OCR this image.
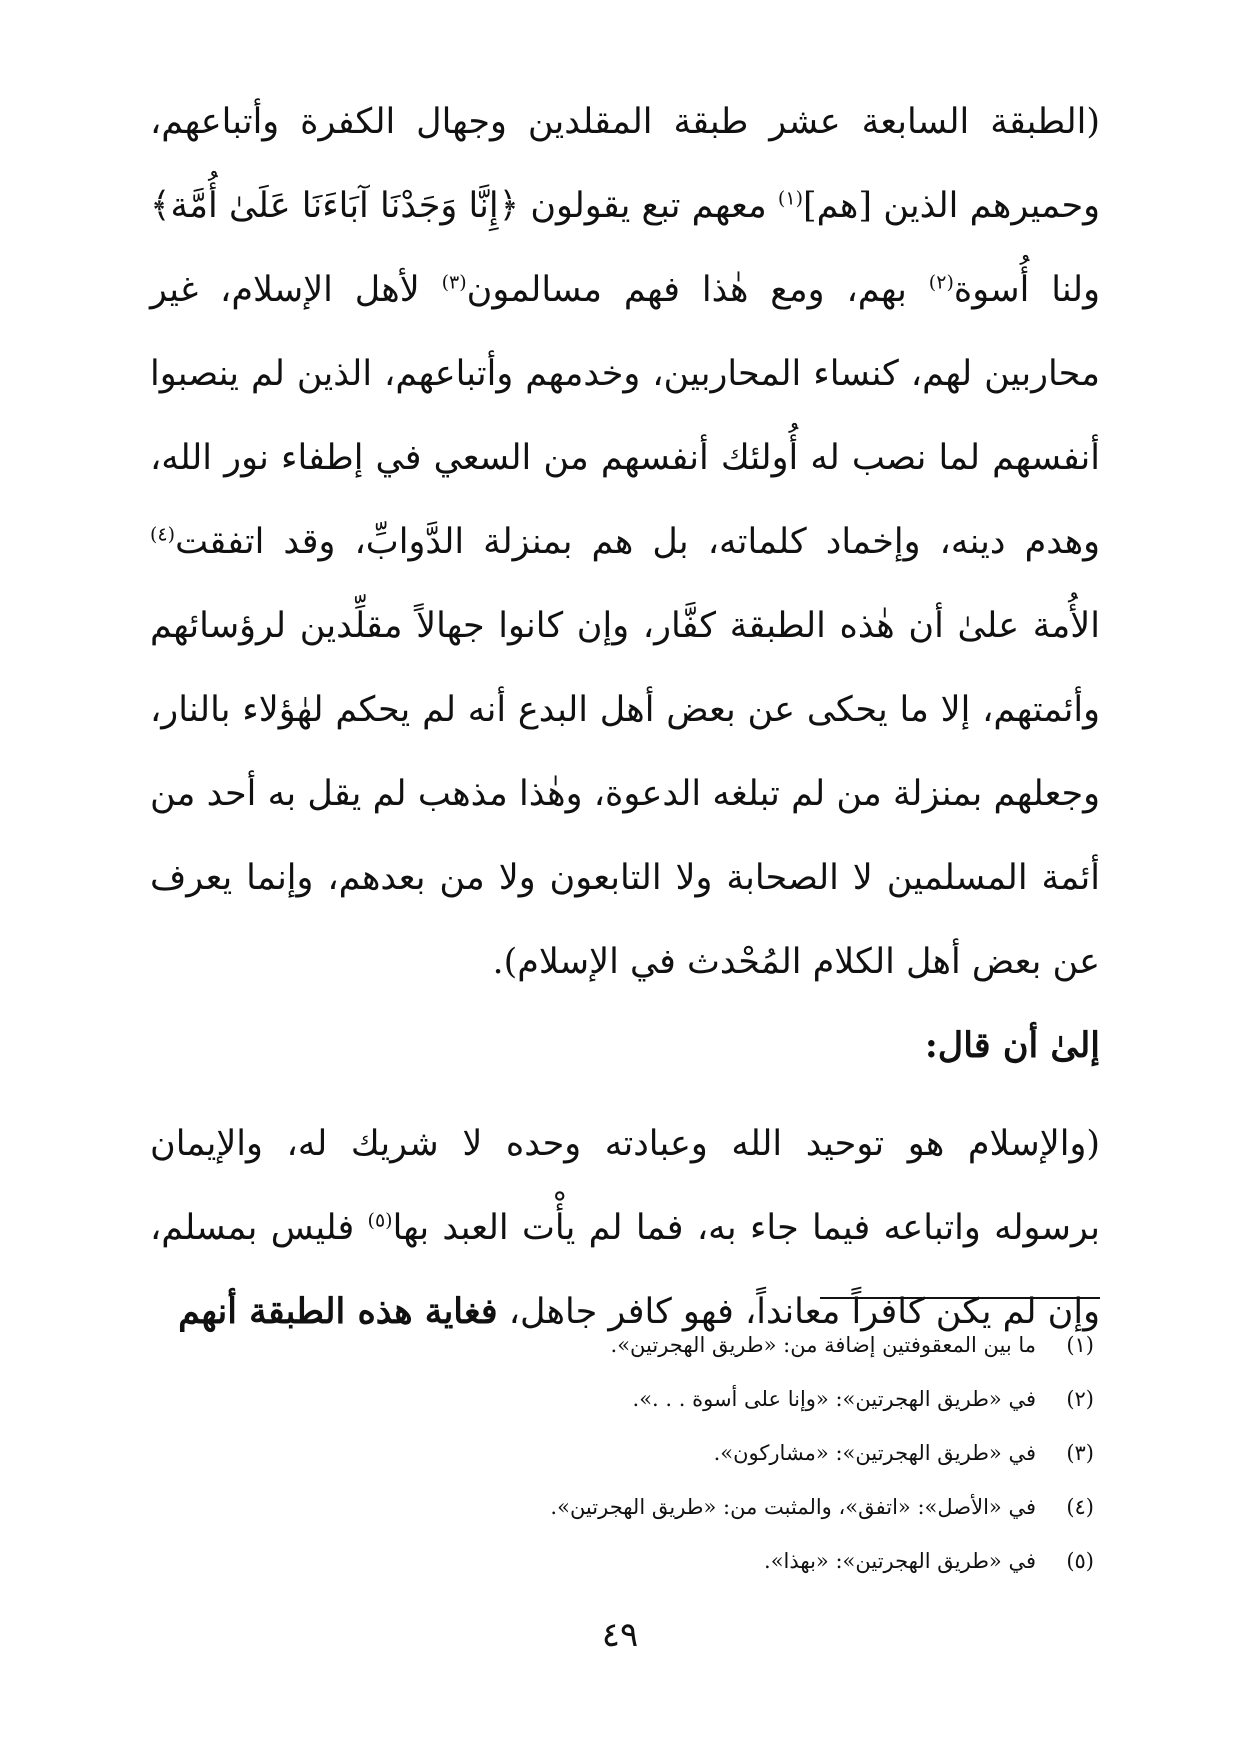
(الطبقة السابعة عشر طبقة المقلدين وجهال الكفرة وأتباعهم، وحميرهم الذين [هم]$^{(١)}$ معهم تبع يقولون ﴿إِنَّا وَجَدْنَا آبَاءَنَا عَلَىٰ أُمَّة﴾ ولنا أُسوة$^{(٢)}$ بهم، ومع هٰذا فهم مسالمون$^{(٣)}$ لأهل الإسلام، غير محاربين لهم، كنساء المحاربين، وخدمهم وأتباعهم، الذين لم ينصبوا أنفسهم لما نصب له أُولئك أنفسهم من السعي في إطفاء نور الله، وهدم دينه، وإخماد كلماته، بل هم بمنزلة الدَّوابِّ، وقد اتفقت$^{(٤)}$ الأُمة علىٰ أن هٰذه الطبقة كفَّار، وإن كانوا جهالاً مقلِّدين لرؤسائهم وأئمتهم، إلا ما يحكى عن بعض أهل البدع أنه لم يحكم لهٰؤلاء بالنار، وجعلهم بمنزلة من لم تبلغه الدعوة، وهٰذا مذهب لم يقل به أحد من أئمة المسلمين لا الصحابة ولا التابعون ولا من بعدهم، وإنما يعرف عن بعض أهل الكلام المُحْدث في الإسلام).

إلىٰ أن قال:

(والإسلام هو توحيد الله وعبادته وحده لا شريك له، والإيمان برسوله واتباعه فيما جاء به، فما لم يأْت العبد بها$^{(٥)}$ فليس بمسلم، وإن لم يكن كافراً معانداً، فهو كافر جاهل، فغاية هذه الطبقة أنهم

(١)
ما بين المعقوفتين إضافة من: «طريق الهجرتين».
(٢)
في «طريق الهجرتين»: «وإنا على أسوة . . .».
(٣)
في «طريق الهجرتين»: «مشاركون».
(٤)
في «الأصل»: «اتفق»، والمثبت من: «طريق الهجرتين».
(٥)
في «طريق الهجرتين»: «بهذا».
٤٩
